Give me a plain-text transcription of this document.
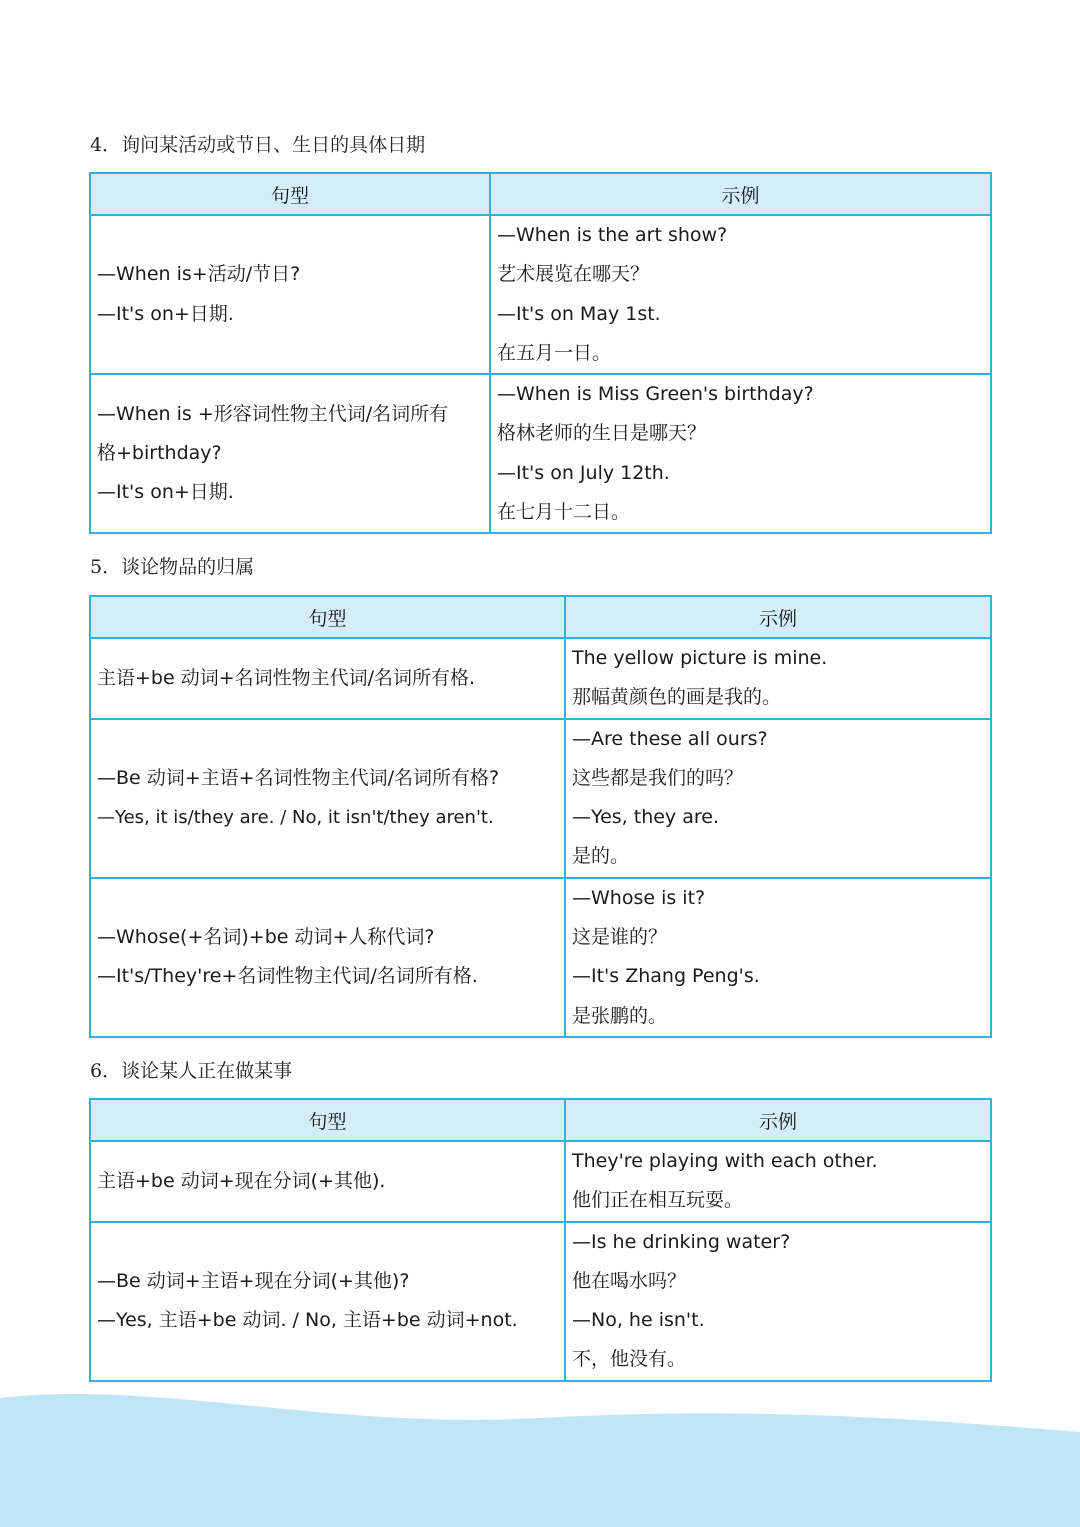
4．询问某活动或节日、生日的具体日期
句型	示例

—When is+活动/节日?
—It's on+日期.	—When is the art show?
艺术展览在哪天？
—It's on May 1st.
在五月一日。

—When is +形容词性物主代词/名词所有
格+birthday?
—It's on+日期.	—When is Miss Green's birthday?
格林老师的生日是哪天？
—It's on July 12th.
在七月十二日。
5．谈论物品的归属
句型	示例

主语+be 动词+名词性物主代词/名词所有格.	The yellow picture is mine.
那幅黄颜色的画是我的。

—Be 动词+主语+名词性物主代词/名词所有格?
—Yes, it is/they are. / No, it isn't/they aren't.	—Are these all ours?
这些都是我们的吗？
—Yes, they are.
是的。

—Whose(+名词)+be 动词+人称代词?
—It's/They're+名词性物主代词/名词所有格.	—Whose is it?
这是谁的？
—It's Zhang Peng's.
是张鹏的。
6．谈论某人正在做某事
句型	示例

主语+be 动词+现在分词(+其他).	They're playing with each other.
他们正在相互玩耍。

—Be 动词+主语+现在分词(+其他)?
—Yes, 主语+be 动词. / No, 主语+be 动词+not.	—Is he drinking water?
他在喝水吗？
—No, he isn't.
不，他没有。
